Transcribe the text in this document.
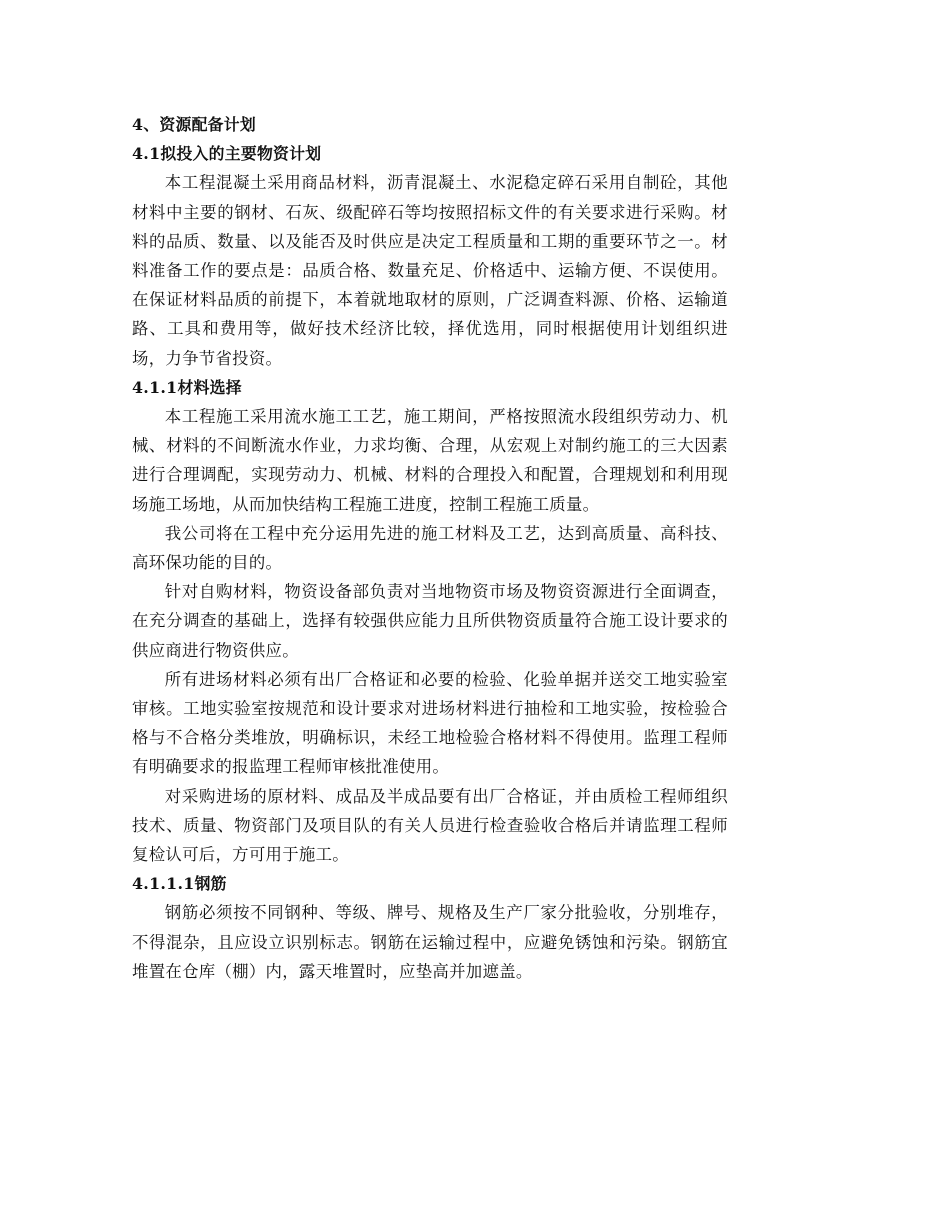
4、资源配备计划

4.1拟投入的主要物资计划

本工程混凝土采用商品材料，沥青混凝土、水泥稳定碎石采用自制砼，其他材料中主要的钢材、石灰、级配碎石等均按照招标文件的有关要求进行采购。材料的品质、数量、以及能否及时供应是决定工程质量和工期的重要环节之一。材料准备工作的要点是：品质合格、数量充足、价格适中、运输方便、不误使用。在保证材料品质的前提下，本着就地取材的原则，广泛调查料源、价格、运输道路、工具和费用等，做好技术经济比较，择优选用，同时根据使用计划组织进场，力争节省投资。

4.1.1材料选择

本工程施工采用流水施工工艺，施工期间，严格按照流水段组织劳动力、机械、材料的不间断流水作业，力求均衡、合理，从宏观上对制约施工的三大因素进行合理调配，实现劳动力、机械、材料的合理投入和配置，合理规划和利用现场施工场地，从而加快结构工程施工进度，控制工程施工质量。

我公司将在工程中充分运用先进的施工材料及工艺，达到高质量、高科技、高环保功能的目的。

针对自购材料，物资设备部负责对当地物资市场及物资资源进行全面调查，在充分调查的基础上，选择有较强供应能力且所供物资质量符合施工设计要求的供应商进行物资供应。

所有进场材料必须有出厂合格证和必要的检验、化验单据并送交工地实验室审核。工地实验室按规范和设计要求对进场材料进行抽检和工地实验，按检验合格与不合格分类堆放，明确标识，未经工地检验合格材料不得使用。监理工程师有明确要求的报监理工程师审核批准使用。

对采购进场的原材料、成品及半成品要有出厂合格证，并由质检工程师组织技术、质量、物资部门及项目队的有关人员进行检查验收合格后并请监理工程师复检认可后，方可用于施工。

4.1.1.1钢筋

钢筋必须按不同钢种、等级、牌号、规格及生产厂家分批验收，分别堆存，不得混杂，且应设立识别标志。钢筋在运输过程中，应避免锈蚀和污染。钢筋宜堆置在仓库（棚）内，露天堆置时，应垫高并加遮盖。
